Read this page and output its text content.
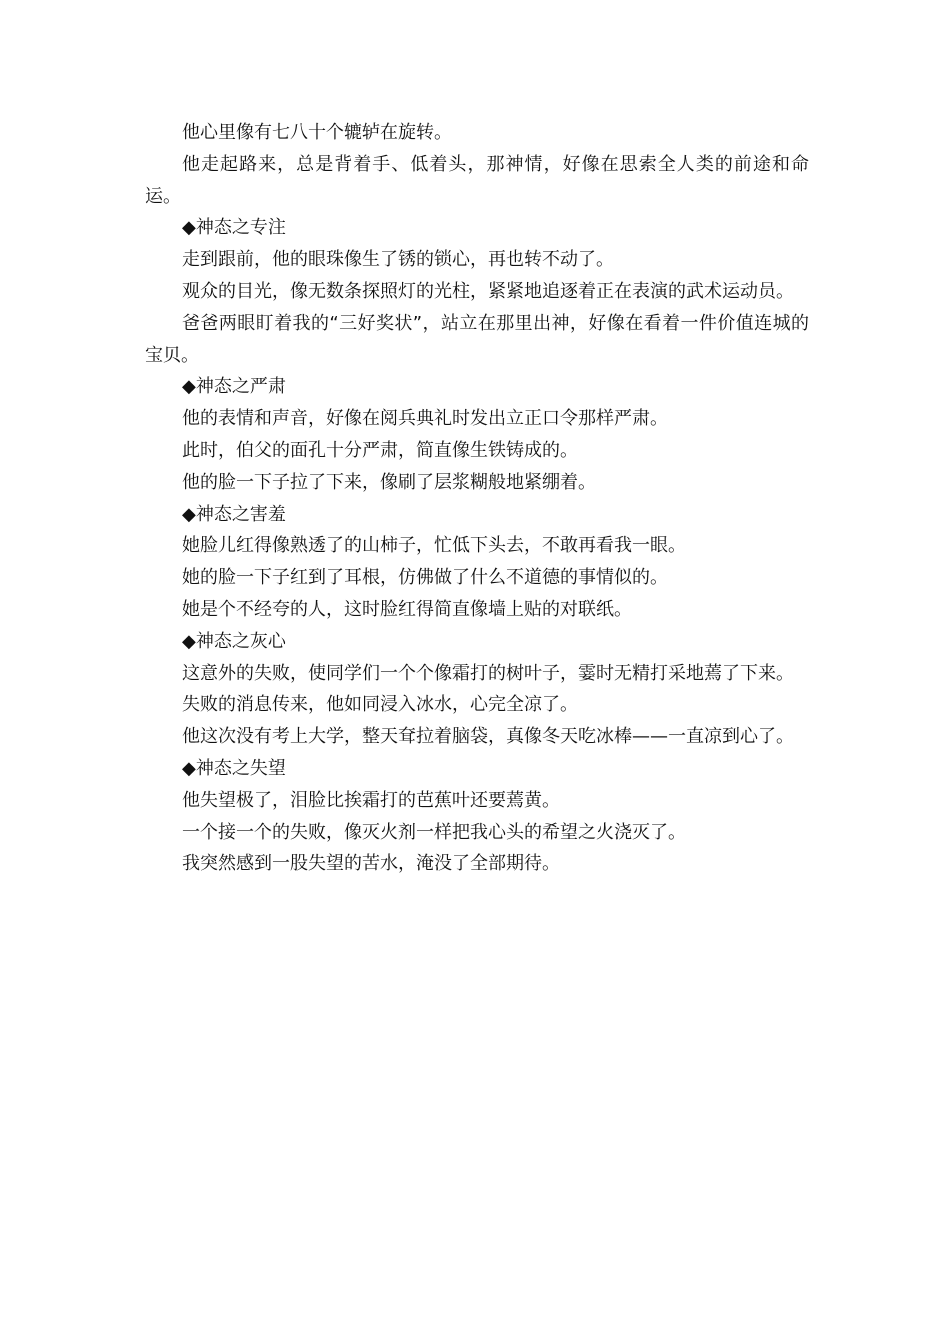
他心里像有七八十个辘轳在旋转。

他走起路来，总是背着手、低着头，那神情，好像在思索全人类的前途和命运。

◆神态之专注

走到跟前，他的眼珠像生了锈的锁心，再也转不动了。

观众的目光，像无数条探照灯的光柱，紧紧地追逐着正在表演的武术运动员。

爸爸两眼盯着我的“三好奖状”，站立在那里出神，好像在看着一件价值连城的宝贝。

◆神态之严肃

他的表情和声音，好像在阅兵典礼时发出立正口令那样严肃。

此时，伯父的面孔十分严肃，简直像生铁铸成的。

他的脸一下子拉了下来，像刷了层浆糊般地紧绷着。

◆神态之害羞

她脸儿红得像熟透了的山柿子，忙低下头去，不敢再看我一眼。

她的脸一下子红到了耳根，仿佛做了什么不道德的事情似的。

她是个不经夸的人，这时脸红得简直像墙上贴的对联纸。

◆神态之灰心

这意外的失败，使同学们一个个像霜打的树叶子，霎时无精打采地蔫了下来。

失败的消息传来，他如同浸入冰水，心完全凉了。

他这次没有考上大学，整天耷拉着脑袋，真像冬天吃冰棒——一直凉到心了。

◆神态之失望

他失望极了，泪脸比挨霜打的芭蕉叶还要蔫黄。

一个接一个的失败，像灭火剂一样把我心头的希望之火浇灭了。

我突然感到一股失望的苦水，淹没了全部期待。
